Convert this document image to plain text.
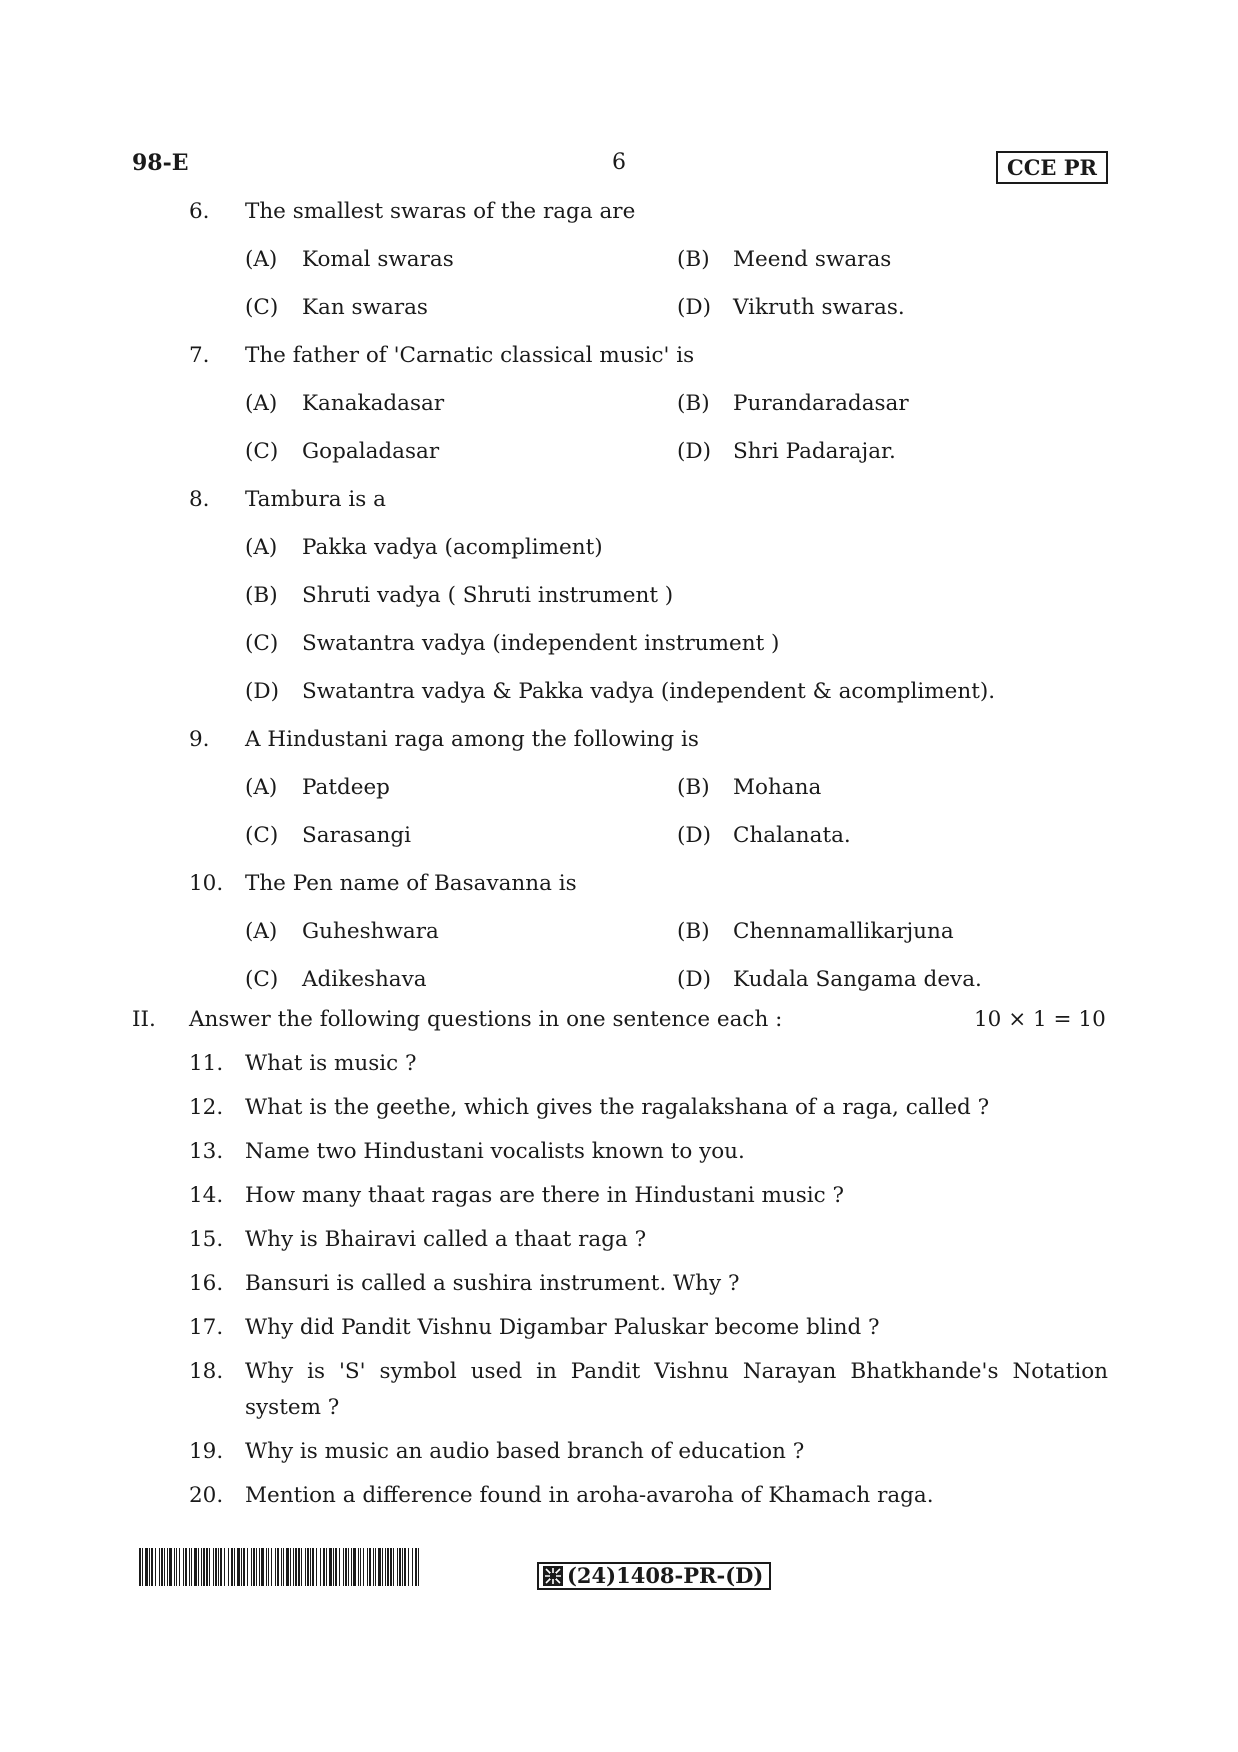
98-E	6	CCE PR
6. The smallest swaras of the raga are
(A) Komal swaras	(B) Meend swaras
(C) Kan swaras	(D) Vikruth swaras.
7. The father of 'Carnatic classical music' is
(A) Kanakadasar	(B) Purandaradasar
(C) Gopaladasar	(D) Shri Padarajar.
8. Tambura is a
(A) Pakka vadya (acompliment)
(B) Shruti vadya ( Shruti instrument )
(C) Swatantra vadya (independent instrument )
(D) Swatantra vadya & Pakka vadya (independent & acompliment).
9. A Hindustani raga among the following is
(A) Patdeep	(B) Mohana
(C) Sarasangi	(D) Chalanata.
10. The Pen name of Basavanna is
(A) Guheshwara	(B) Chennamallikarjuna
(C) Adikeshava	(D) Kudala Sangama deva.
II. Answer the following questions in one sentence each :	10 × 1 = 10
11. What is music ?
12. What is the geethe, which gives the ragalakshana of a raga, called ?
13. Name two Hindustani vocalists known to you.
14. How many thaat ragas are there in Hindustani music ?
15. Why is Bhairavi called a thaat raga ?
16. Bansuri is called a sushira instrument. Why ?
17. Why did Pandit Vishnu Digambar Paluskar become blind ?
18. Why is 'S' symbol used in Pandit Vishnu Narayan Bhatkhande's Notation
system ?
19. Why is music an audio based branch of education ?
20. Mention a difference found in aroha-avaroha of Khamach raga.
(24)1408-PR-(D)
